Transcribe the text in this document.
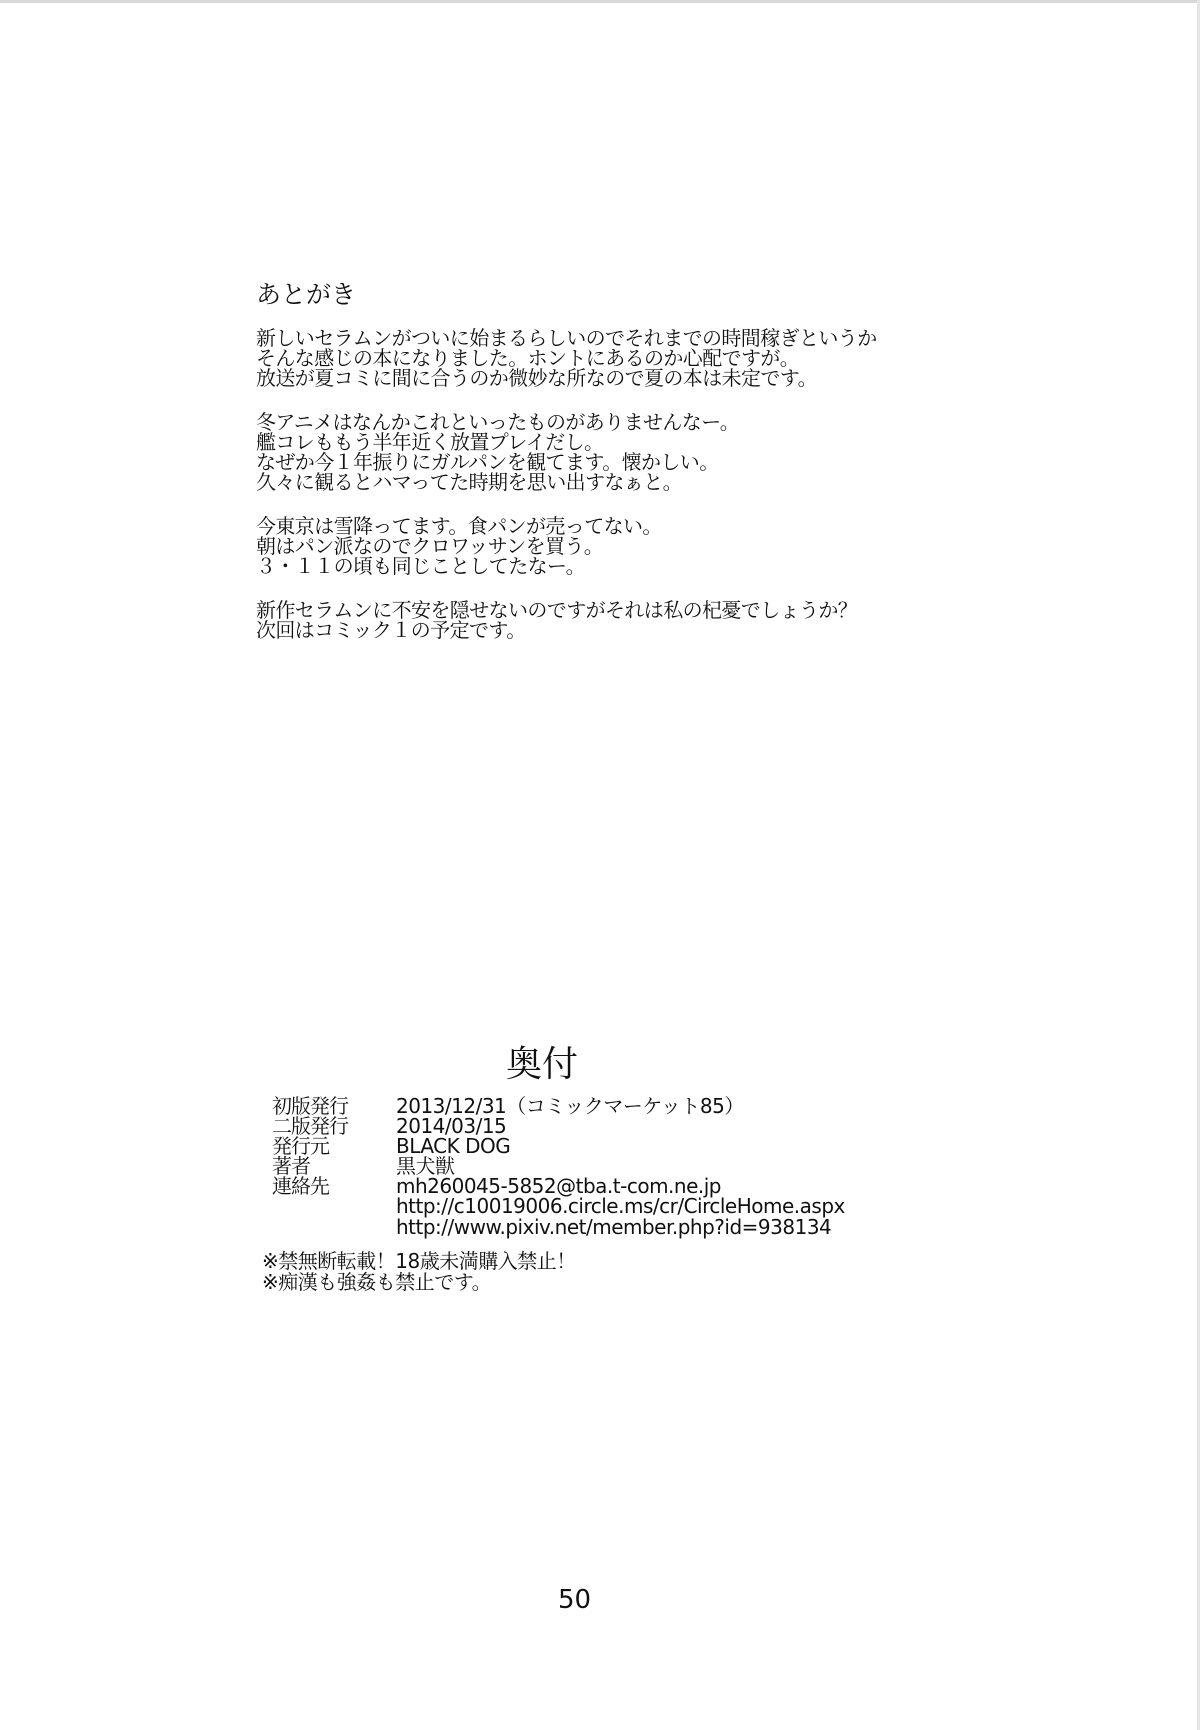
あとがき
新しいセラムンがついに始まるらしいのでそれまでの時間稼ぎというか
そんな感じの本になりました。ホントにあるのか心配ですが。
放送が夏コミに間に合うのか微妙な所なので夏の本は未定です。
冬アニメはなんかこれといったものがありませんなー。
艦コレももう半年近く放置プレイだし。
なぜか今１年振りにガルパンを観てます。懐かしい。
久々に観るとハマってた時期を思い出すなぁと。
今東京は雪降ってます。食パンが売ってない。
朝はパン派なのでクロワッサンを買う。
３・１１の頃も同じことしてたなー。
新作セラムンに不安を隠せないのですがそれは私の杞憂でしょうか？
次回はコミック１の予定です。
奥付
初版発行	2013/12/31（コミックマーケット85）
二版発行	2014/03/15
発行元	BLACK DOG
著者	黒犬獣
連絡先	mh260045-5852@tba.t-com.ne.jp
http://c10019006.circle.ms/cr/CircleHome.aspx
http://www.pixiv.net/member.php?id=938134
※禁無断転載！18歳未満購入禁止！
※痴漢も強姦も禁止です。
50
